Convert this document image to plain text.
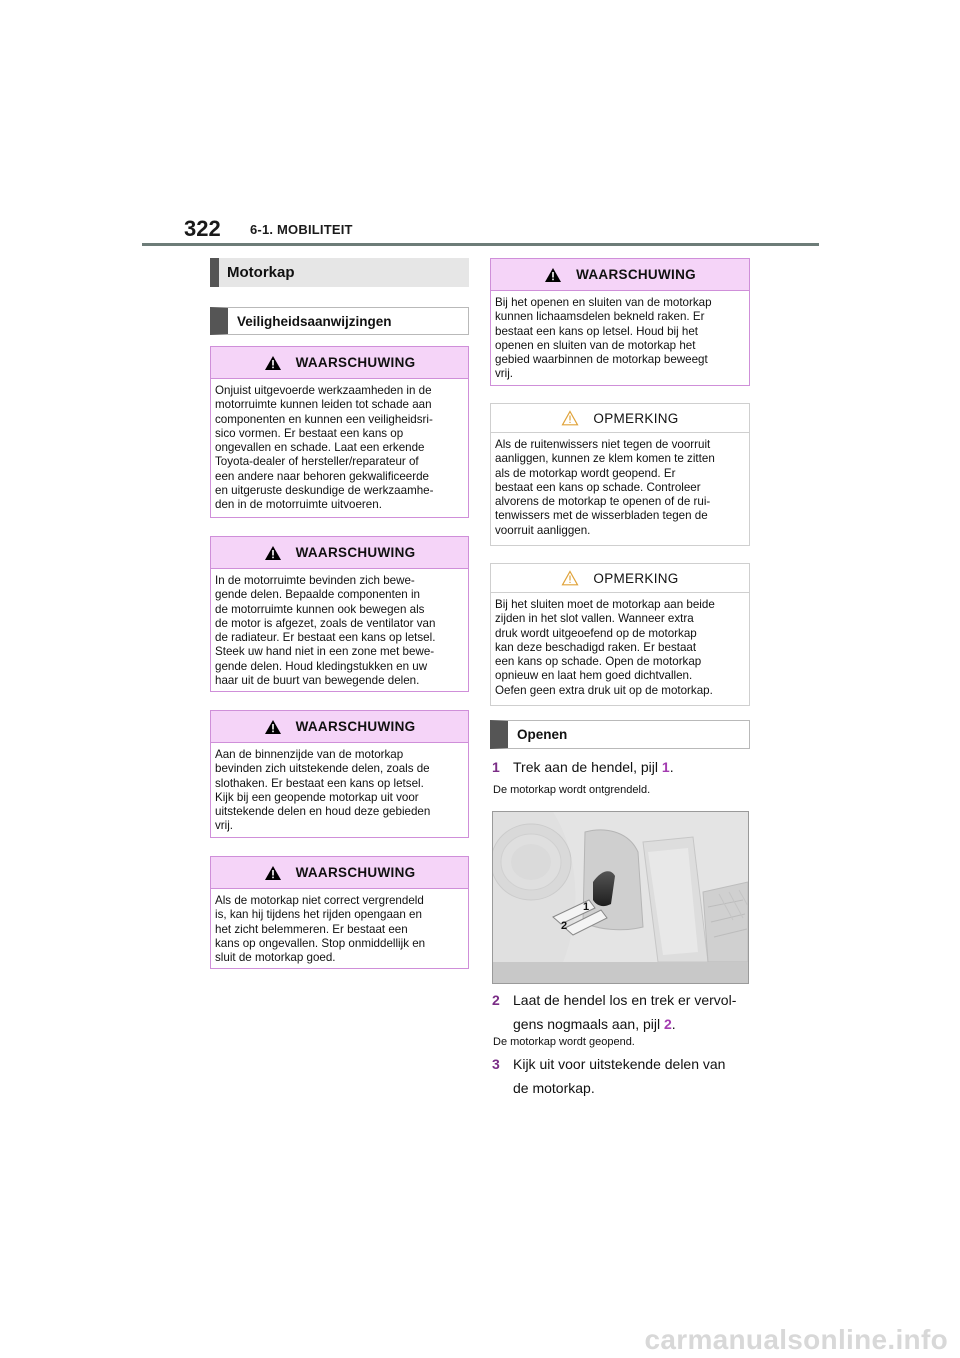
322 6-1. MOBILITEIT
Motorkap
Veiligheidsaanwijzingen
WAARSCHUWING
Onjuist uitgevoerde werkzaamheden in de
motorruimte kunnen leiden tot schade aan
componenten en kunnen een veiligheidsri-
sico vormen. Er bestaat een kans op
ongevallen en schade. Laat een erkende
Toyota-dealer of hersteller/reparateur of
een andere naar behoren gekwalificeerde
en uitgeruste deskundige de werkzaamhe-
den in de motorruimte uitvoeren.
WAARSCHUWING
In de motorruimte bevinden zich bewe-
gende delen. Bepaalde componenten in
de motorruimte kunnen ook bewegen als
de motor is afgezet, zoals de ventilator van
de radiateur. Er bestaat een kans op letsel.
Steek uw hand niet in een zone met bewe-
gende delen. Houd kledingstukken en uw
haar uit de buurt van bewegende delen.
WAARSCHUWING
Aan de binnenzijde van de motorkap
bevinden zich uitstekende delen, zoals de
slothaken. Er bestaat een kans op letsel.
Kijk bij een geopende motorkap uit voor
uitstekende delen en houd deze gebieden
vrij.
WAARSCHUWING
Als de motorkap niet correct vergrendeld
is, kan hij tijdens het rijden opengaan en
het zicht belemmeren. Er bestaat een
kans op ongevallen. Stop onmiddellijk en
sluit de motorkap goed.
WAARSCHUWING
Bij het openen en sluiten van de motorkap
kunnen lichaamsdelen bekneld raken. Er
bestaat een kans op letsel. Houd bij het
openen en sluiten van de motorkap het
gebied waarbinnen de motorkap beweegt
vrij.
OPMERKING
Als de ruitenwissers niet tegen de voorruit
aanliggen, kunnen ze klem komen te zitten
als de motorkap wordt geopend. Er
bestaat een kans op schade. Controleer
alvorens de motorkap te openen of de rui-
tenwissers met de wisserbladen tegen de
voorruit aanliggen.
OPMERKING
Bij het sluiten moet de motorkap aan beide
zijden in het slot vallen. Wanneer extra
druk wordt uitgeoefend op de motorkap
kan deze beschadigd raken. Er bestaat
een kans op schade. Open de motorkap
opnieuw en laat hem goed dichtvallen.
Oefen geen extra druk uit op de motorkap.
Openen
1 Trek aan de hendel, pijl 1.
De motorkap wordt ontgrendeld.
1
2
2 Laat de hendel los en trek er vervol-
gens nogmaals aan, pijl 2.
De motorkap wordt geopend.
3 Kijk uit voor uitstekende delen van
de motorkap.
carmanualsonline.info
